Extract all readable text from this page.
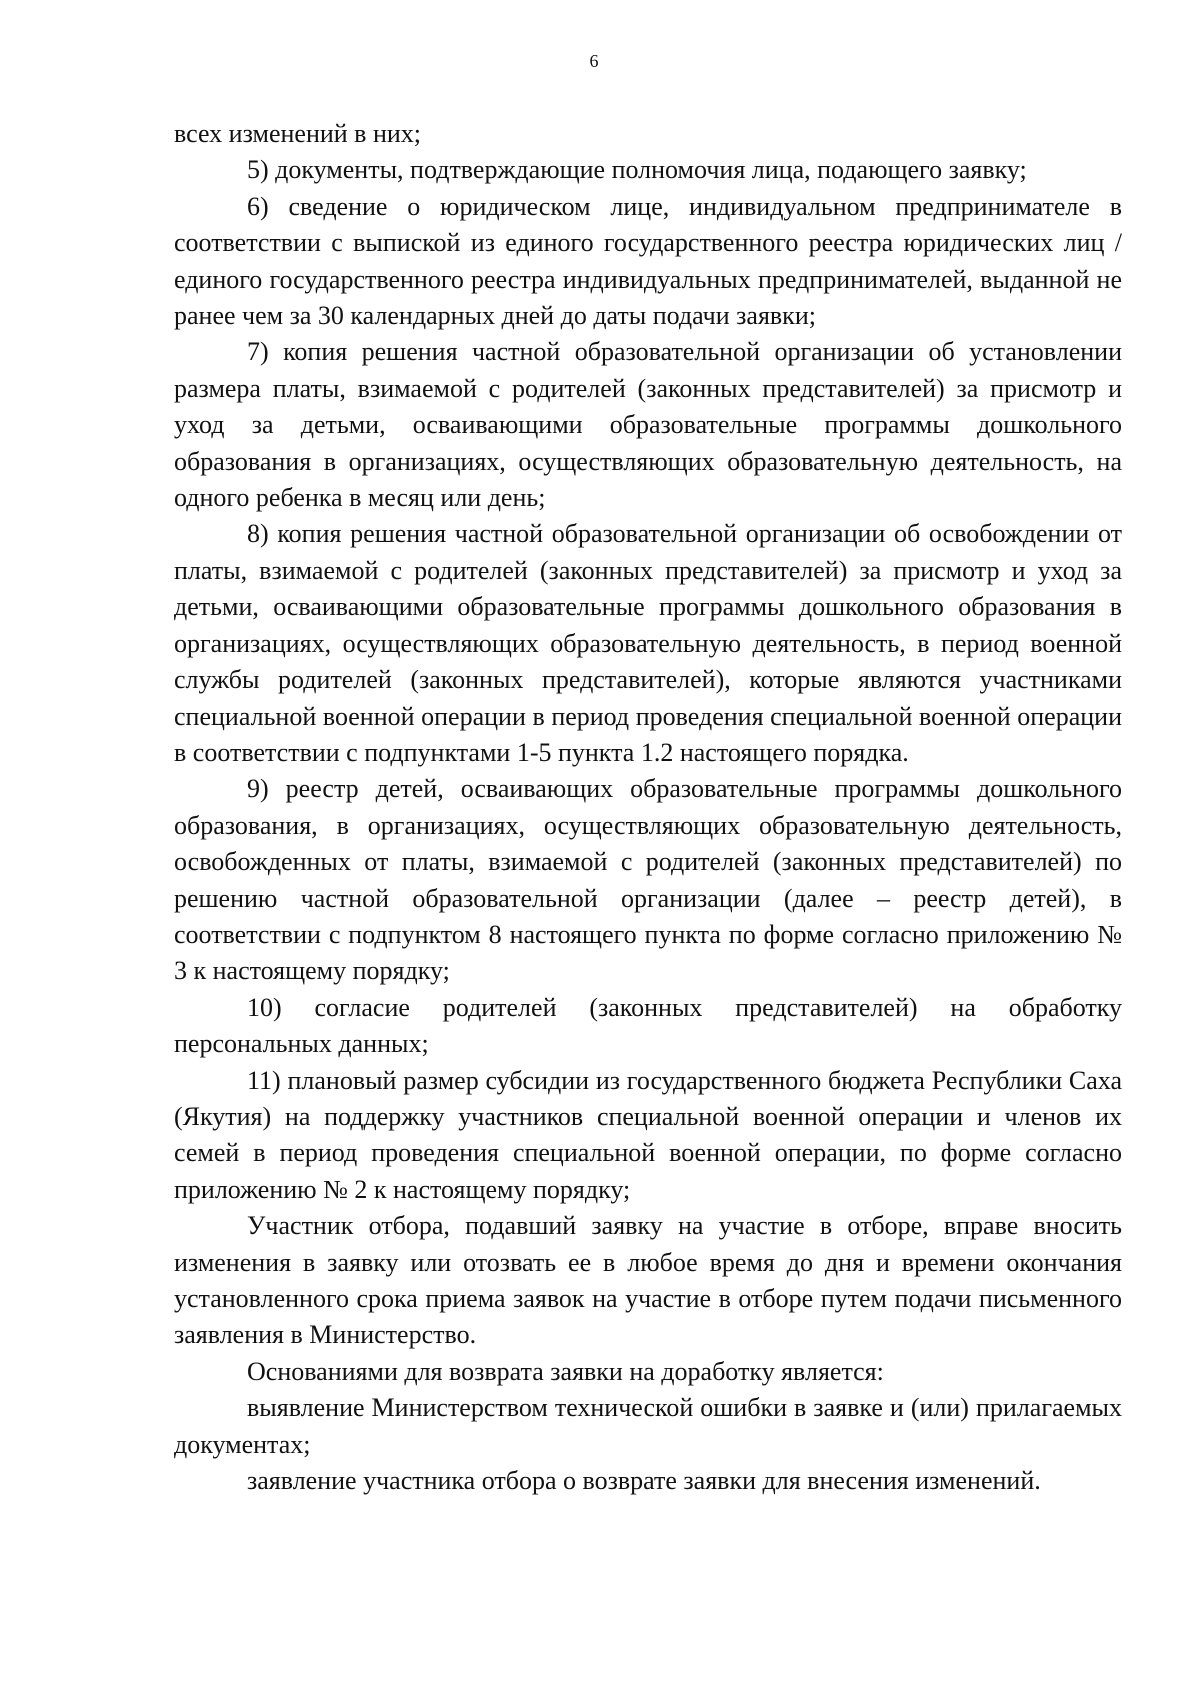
6

всех изменений в них;

5) документы, подтверждающие полномочия лица, подающего заявку;

6) сведение о юридическом лице, индивидуальном предпринимателе в соответствии с выпиской из единого государственного реестра юридических лиц / единого государственного реестра индивидуальных предпринимателей, выданной не ранее чем за 30 календарных дней до даты подачи заявки;

7) копия решения частной образовательной организации об установлении размера платы, взимаемой с родителей (законных представителей) за присмотр и уход за детьми, осваивающими образовательные программы дошкольного образования в организациях, осуществляющих образовательную деятельность, на одного ребенка в месяц или день;

8) копия решения частной образовательной организации об освобождении от платы, взимаемой с родителей (законных представителей) за присмотр и уход за детьми, осваивающими образовательные программы дошкольного образования в организациях, осуществляющих образовательную деятельность, в период военной службы родителей (законных представителей), которые являются участниками специальной военной операции в период проведения специальной военной операции в соответствии с подпунктами 1-5 пункта 1.2 настоящего порядка.

9) реестр детей, осваивающих образовательные программы дошкольного образования, в организациях, осуществляющих образовательную деятельность, освобожденных от платы, взимаемой с родителей (законных представителей) по решению частной образовательной организации (далее – реестр детей), в соответствии с подпунктом 8 настоящего пункта по форме согласно приложению № 3 к настоящему порядку;

10) согласие родителей (законных представителей) на обработку персональных данных;

11) плановый размер субсидии из государственного бюджета Республики Саха (Якутия) на поддержку участников специальной военной операции и членов их семей в период проведения специальной военной операции, по форме согласно приложению № 2 к настоящему порядку;

Участник отбора, подавший заявку на участие в отборе, вправе вносить изменения в заявку или отозвать ее в любое время до дня и времени окончания установленного срока приема заявок на участие в отборе путем подачи письменного заявления в Министерство.

Основаниями для возврата заявки на доработку является:

выявление Министерством технической ошибки в заявке и (или) прилагаемых документах;

заявление участника отбора о возврате заявки для внесения изменений.
